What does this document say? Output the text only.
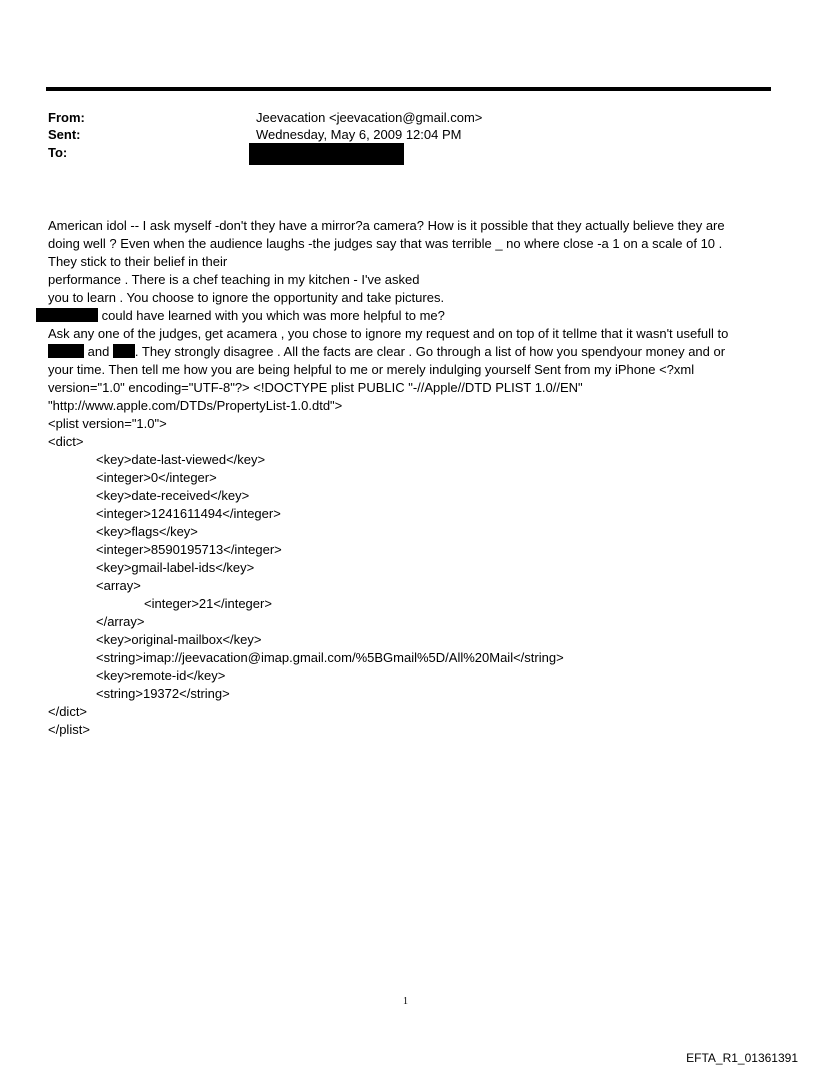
From:
Sent:
To:
Jeevacation <jeevacation@gmail.com>
Wednesday, May 6, 2009 12:04 PM
American idol -- I ask myself -don't they have a mirror?a camera? How is it possible that they actually believe they are
doing well ? Even when the audience laughs -the judges say that was terrible _ no where close -a 1 on a scale of 10 .
They stick to their belief in their
performance . There is a chef teaching in my kitchen - I've asked
you to learn . You choose to ignore the opportunity and take pictures.
could have learned with you which was more helpful to me?
Ask any one of the judges, get acamera , you chose to ignore my request and on top of it tellme that it wasn't usefull to
and . They strongly disagree . All the facts are clear . Go through a list of how you spendyour money and or
your time. Then tell me how you are being helpful to me or merely indulging yourself Sent from my iPhone <?xml
version="1.0" encoding="UTF-8"?> <!DOCTYPE plist PUBLIC "-//Apple//DTD PLIST 1.0//EN"
"http://www.apple.com/DTDs/PropertyList-1.0.dtd">
<plist version="1.0">
<dict>
<key>date-last-viewed</key>
<integer>0</integer>
<key>date-received</key>
<integer>1241611494</integer>
<key>flags</key>
<integer>8590195713</integer>
<key>gmail-label-ids</key>
<array>
<integer>21</integer>
</array>
<key>original-mailbox</key>
<string>imap://jeevacation@imap.gmail.com/%5BGmail%5D/All%20Mail</string>
<key>remote-id</key>
<string>19372</string>
</dict>
</plist>
1
EFTA_R1_01361391
